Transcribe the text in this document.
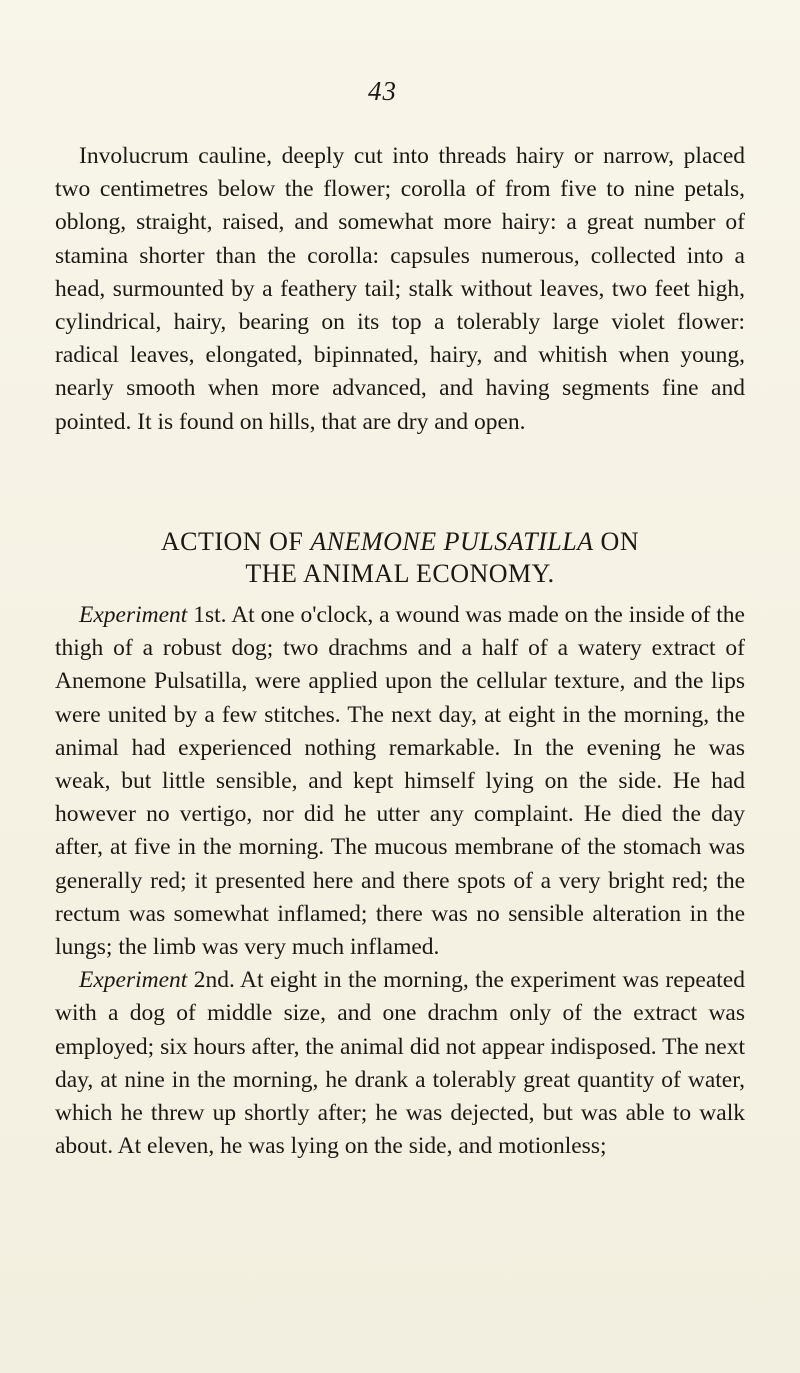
43

Involucrum cauline, deeply cut into threads hairy or narrow, placed two centimetres below the flower; corolla of from five to nine petals, oblong, straight, raised, and somewhat more hairy: a great number of stamina shorter than the corolla: capsules numerous, collected into a head, surmounted by a feathery tail; stalk without leaves, two feet high, cylindrical, hairy, bearing on its top a tolerably large violet flower: radical leaves, elongated, bipinnated, hairy, and whitish when young, nearly smooth when more advanced, and having segments fine and pointed. It is found on hills, that are dry and open.

ACTION OF ANEMONE PULSATILLA ON
THE ANIMAL ECONOMY.

Experiment 1st. At one o'clock, a wound was made on the inside of the thigh of a robust dog; two drachms and a half of a watery extract of Anemone Pulsatilla, were applied upon the cellular texture, and the lips were united by a few stitches. The next day, at eight in the morning, the animal had experienced nothing remarkable. In the evening he was weak, but little sensible, and kept himself lying on the side. He had however no vertigo, nor did he utter any complaint. He died the day after, at five in the morning. The mucous membrane of the stomach was generally red; it presented here and there spots of a very bright red; the rectum was somewhat inflamed; there was no sensible alteration in the lungs; the limb was very much inflamed.

Experiment 2nd. At eight in the morning, the experiment was repeated with a dog of middle size, and one drachm only of the extract was employed; six hours after, the animal did not appear indisposed. The next day, at nine in the morning, he drank a tolerably great quantity of water, which he threw up shortly after; he was dejected, but was able to walk about. At eleven, he was lying on the side, and motionless;
